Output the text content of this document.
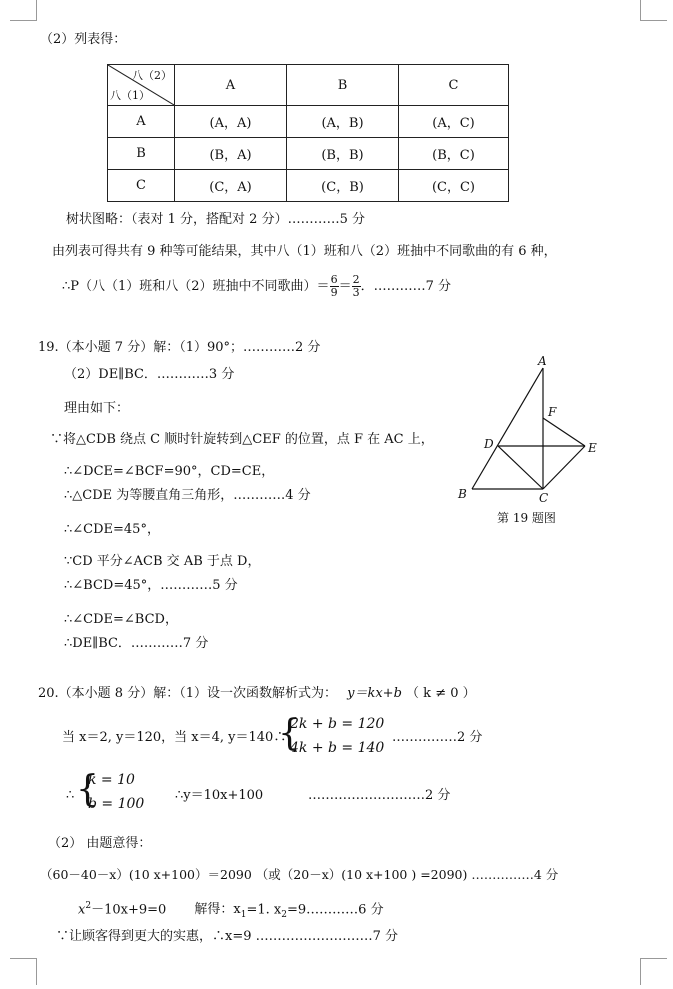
（2）列表得：
八（2）
八（1）	A	B	C
A	(A，A)	(A，B)	(A，C)
B	(B，A)	(B，B)	(B，C)
C	(C，A)	(C，B)	(C，C)
树状图略：（表对 1 分，搭配对 2 分）…………5 分
由列表可得共有 9 种等可能结果，其中八（1）班和八（2）班抽中不同歌曲的有 6 种，
∴P（八（1）班和八（2）班抽中不同歌曲）＝ $\frac{6}{9} = \frac{2}{3}$ ．…………7 分
19.（本小题 7 分）解：（1）90°；…………2 分
（2）DE∥BC．…………3 分
理由如下：
∵将△CDB 绕点 C 顺时针旋转到△CEF 的位置，点 F 在 AC 上，
∴∠DCE=∠BCF=90°，CD=CE，
∴△CDE 为等腰直角三角形，…………4 分
∴∠CDE=45°，
∵CD 平分∠ACB 交 AB 于点 D，
∴∠BCD=45°，…………5 分
∴∠CDE=∠BCD，
∴DE∥BC．…………7 分
A
B	C
D	E
F
第 19 题图
20.（本小题 8 分）解：（1）设一次函数解析式为： y＝kx+b （ k ≠ 0 ）
当 x＝2, y＝120，当 x＝4, y＝140∴
{
2k + b = 120
4k + b = 140
……………2 分
∴ {
k = 10
b = 100
∴y＝10x+100	………………………2 分
（2） 由题意得：
（60－40－x）(10 x+100）＝2090 （或（20－x）(10 x+100 ) =2090) ……………4 分
$x^2-10x+9=0$ 解得：$x_1=1$. $x_2=9\dots\dots\dots\dots 6$ 分
∵让顾客得到更大的实惠，∴x=9 ………………………7 分
